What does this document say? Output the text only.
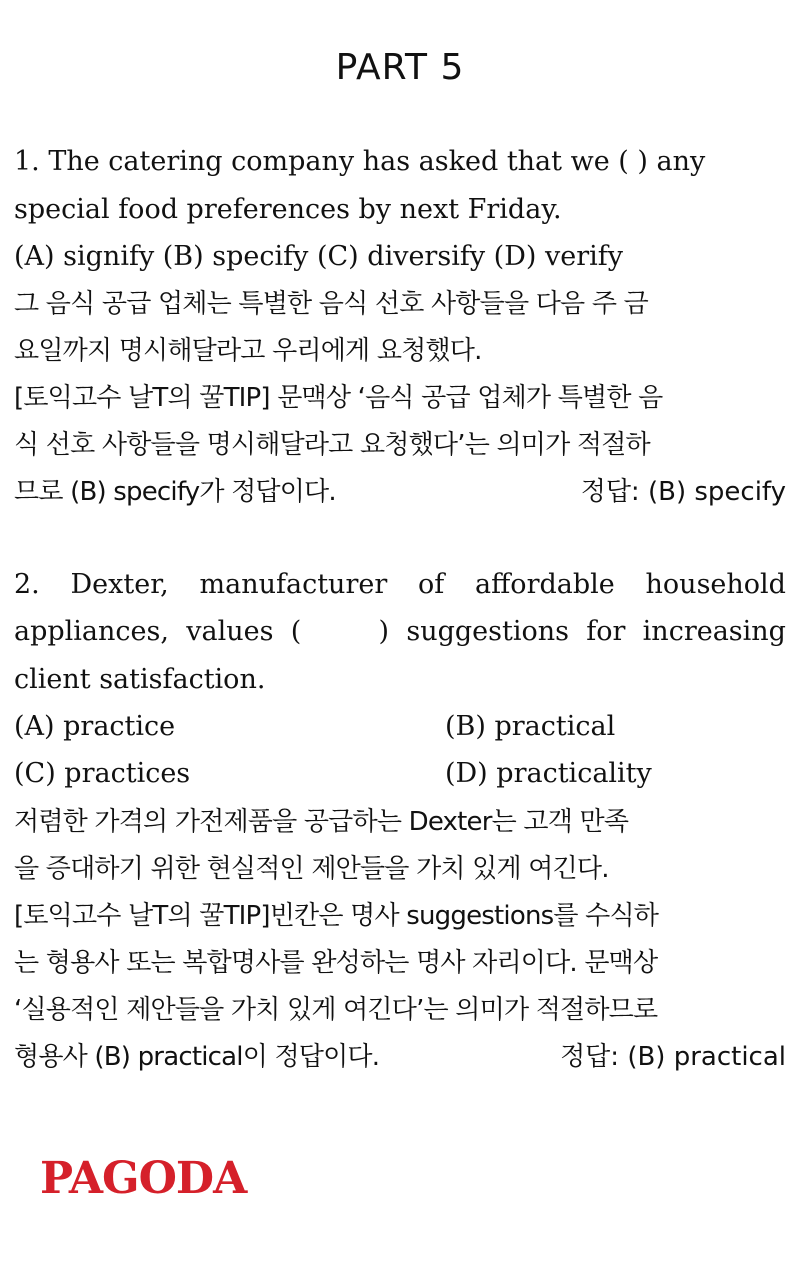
PART 5
1. The catering company has asked that we ( ) any
special food preferences by next Friday.
(A) signify (B) specify (C) diversify (D) verify
그 음식 공급 업체는 특별한 음식 선호 사항들을 다음 주 금
요일까지 명시해달라고 우리에게 요청했다.
[토익고수 날T의 꿀TIP] 문맥상 ‘음식 공급 업체가 특별한 음
식 선호 사항들을 명시해달라고 요청했다’는 의미가 적절하
므로 (B) specify가 정답이다.	정답: (B) specify
2. Dexter, manufacturer of affordable household
appliances, values (	) suggestions for increasing
client satisfaction.
(A) practice	(B) practical
(C) practices	(D) practicality
저렴한 가격의 가전제품을 공급하는 Dexter는 고객 만족
을 증대하기 위한 현실적인 제안들을 가치 있게 여긴다.
[토익고수 날T의 꿀TIP]빈칸은 명사 suggestions를 수식하
는 형용사 또는 복합명사를 완성하는 명사 자리이다. 문맥상
‘실용적인 제안들을 가치 있게 여긴다’는 의미가 적절하므로
형용사 (B) practical이 정답이다.	정답: (B) practical
PAGODA
